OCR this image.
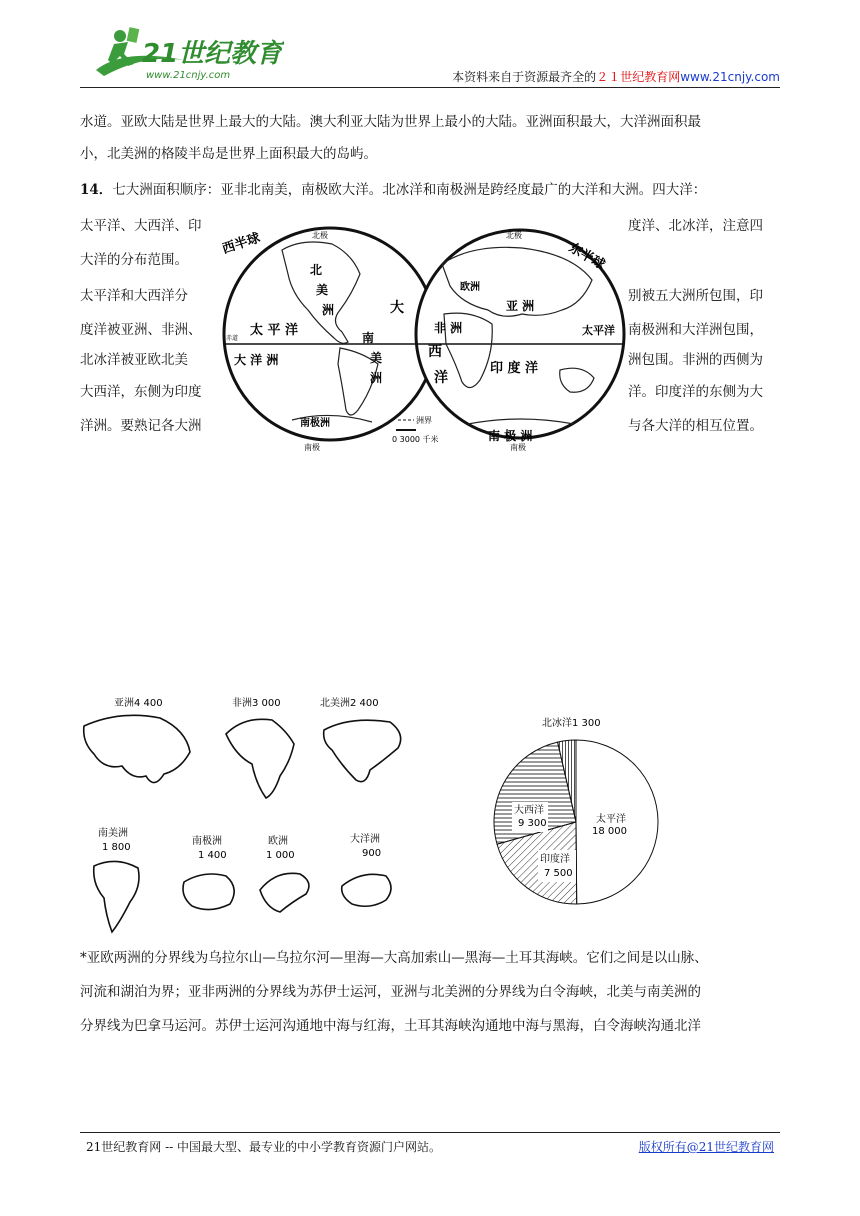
21世纪教育
www.21cnjy.com	本资料来自于资源最齐全的２１世纪教育网www.21cnjy.com
水道。亚欧大陆是世界上最大的大陆。澳大利亚大陆为世界上最小的大陆。亚洲面积最大，大洋洲面积最
小，北美洲的格陵半岛是世界上面积最大的岛屿。
14．七大洲面积顺序：亚非北南美，南极欧大洋。北冰洋和南极洲是跨经度最广的大洋和大洲。四大洋：
太平洋、大西洋、印
大洋的分布范围。
太平洋和大西洋分
度洋被亚洲、非洲、
北冰洋被亚欧北美
大西洋，东侧为印度
洋洲。要熟记各大洲
度洋、北冰洋，注意四
别被五大洲所包围，印
南极洲和大洋洲包围，
洲包围。非洲的西侧为
洋。印度洋的东侧为大
与各大洋的相互位置。
西半球	东半球
北极	北极
南极	南极
北
美
洲	大
太 平 洋
赤道	南
美
洲
大 洋 洲
南极洲
西
洋
亚 洲
欧洲
非 洲
印 度 洋
太平洋
南 极 洲
洲界
0 3000 千米
亚洲4 400	非洲3 000	北美洲2 400
南美洲
1 800
南极洲
1 400
欧洲
1 000
大洋洲
900
北冰洋1 300
太平洋
18 000
大西洋
9 300
印度洋
7 500
*亚欧两洲的分界线为乌拉尔山—乌拉尔河—里海—大高加索山—黑海—土耳其海峡。它们之间是以山脉、
河流和湖泊为界；亚非两洲的分界线为苏伊士运河，亚洲与北美洲的分界线为白令海峡，北美与南美洲的
分界线为巴拿马运河。苏伊士运河沟通地中海与红海，土耳其海峡沟通地中海与黑海，白令海峡沟通北洋
21世纪教育网 -- 中国最大型、最专业的中小学教育资源门户网站。	版权所有@21世纪教育网
